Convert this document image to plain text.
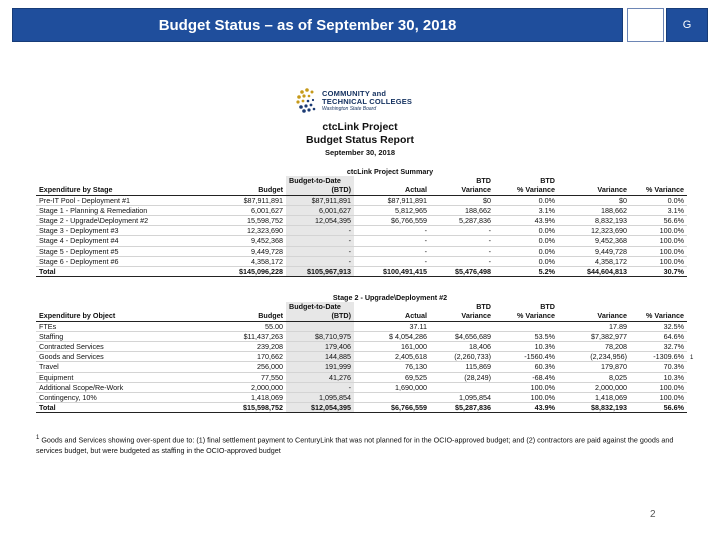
Budget Status – as of September 30, 2018	G
COMMUNITY and
TECHNICAL COLLEGES
Washington State Board
ctcLink Project
Budget Status Report
September 30, 2018
		ctcLink Project Summary					
		Budget-to-Date		BTD	BTD		
Expenditure by Stage	Budget	(BTD)	Actual	Variance	% Variance	Variance	% Variance
Pre-IT Pool - Deployment #1	$87,911,891	$87,911,891	$87,911,891	$0	0.0%	$0	0.0%
Stage 1 - Planning & Remediation	6,001,627	6,001,627	5,812,965	188,662	3.1%	188,662	3.1%
Stage 2 - Upgrade\Deployment #2	15,598,752	12,054,395	$6,766,559	5,287,836	43.9%	8,832,193	56.6%
Stage 3 - Deployment #3	12,323,690	-	-	-	0.0%	12,323,690	100.0%
Stage 4 - Deployment #4	9,452,368	-	-	-	0.0%	9,452,368	100.0%
Stage 5 - Deployment #5	9,449,728	-	-	-	0.0%	9,449,728	100.0%
Stage 6 - Deployment #6	4,358,172	-	-	-	0.0%	4,358,172	100.0%
Total	$145,096,228	$105,967,913	$100,491,415	$5,476,498	5.2%	$44,604,813	30.7%
		Stage 2 - Upgrade\Deployment #2					
		Budget-to-Date		BTD	BTD		
Expenditure by Object	Budget	(BTD)	Actual	Variance	% Variance	Variance	% Variance
FTEs	55.00		37.11			17.89	32.5%
Staffing	$11,437,263	$8,710,975	$ 4,054,286	$4,656,689	53.5%	$7,382,977	64.6%
Contracted Services	239,208	179,406	161,000	18,406	10.3%	78,208	32.7%
Goods and Services	170,662	144,885	2,405,618	(2,260,733)	-1560.4%	(2,234,956)	-1309.6%
Travel	256,000	191,999	76,130	115,869	60.3%	179,870	70.3%
Equipment	77,550	41,276	69,525	(28,249)	-68.4%	8,025	10.3%
Additional Scope/Re-Work	2,000,000	-	1,690,000		100.0%	2,000,000	100.0%
Contingency, 10%	1,418,069	1,095,854		1,095,854	100.0%	1,418,069	100.0%
Total	$15,598,752	$12,054,395	$6,766,559	$5,287,836	43.9%	$8,832,193	56.6%
1
$^1$ Goods and Services showing over-spent due to: (1) final settlement payment to CenturyLink that was not planned for in the OCIO-approved budget; and (2) contractors are paid against the goods and services budget, but were budgeted as staffing in the OCIO-approved budget
2
